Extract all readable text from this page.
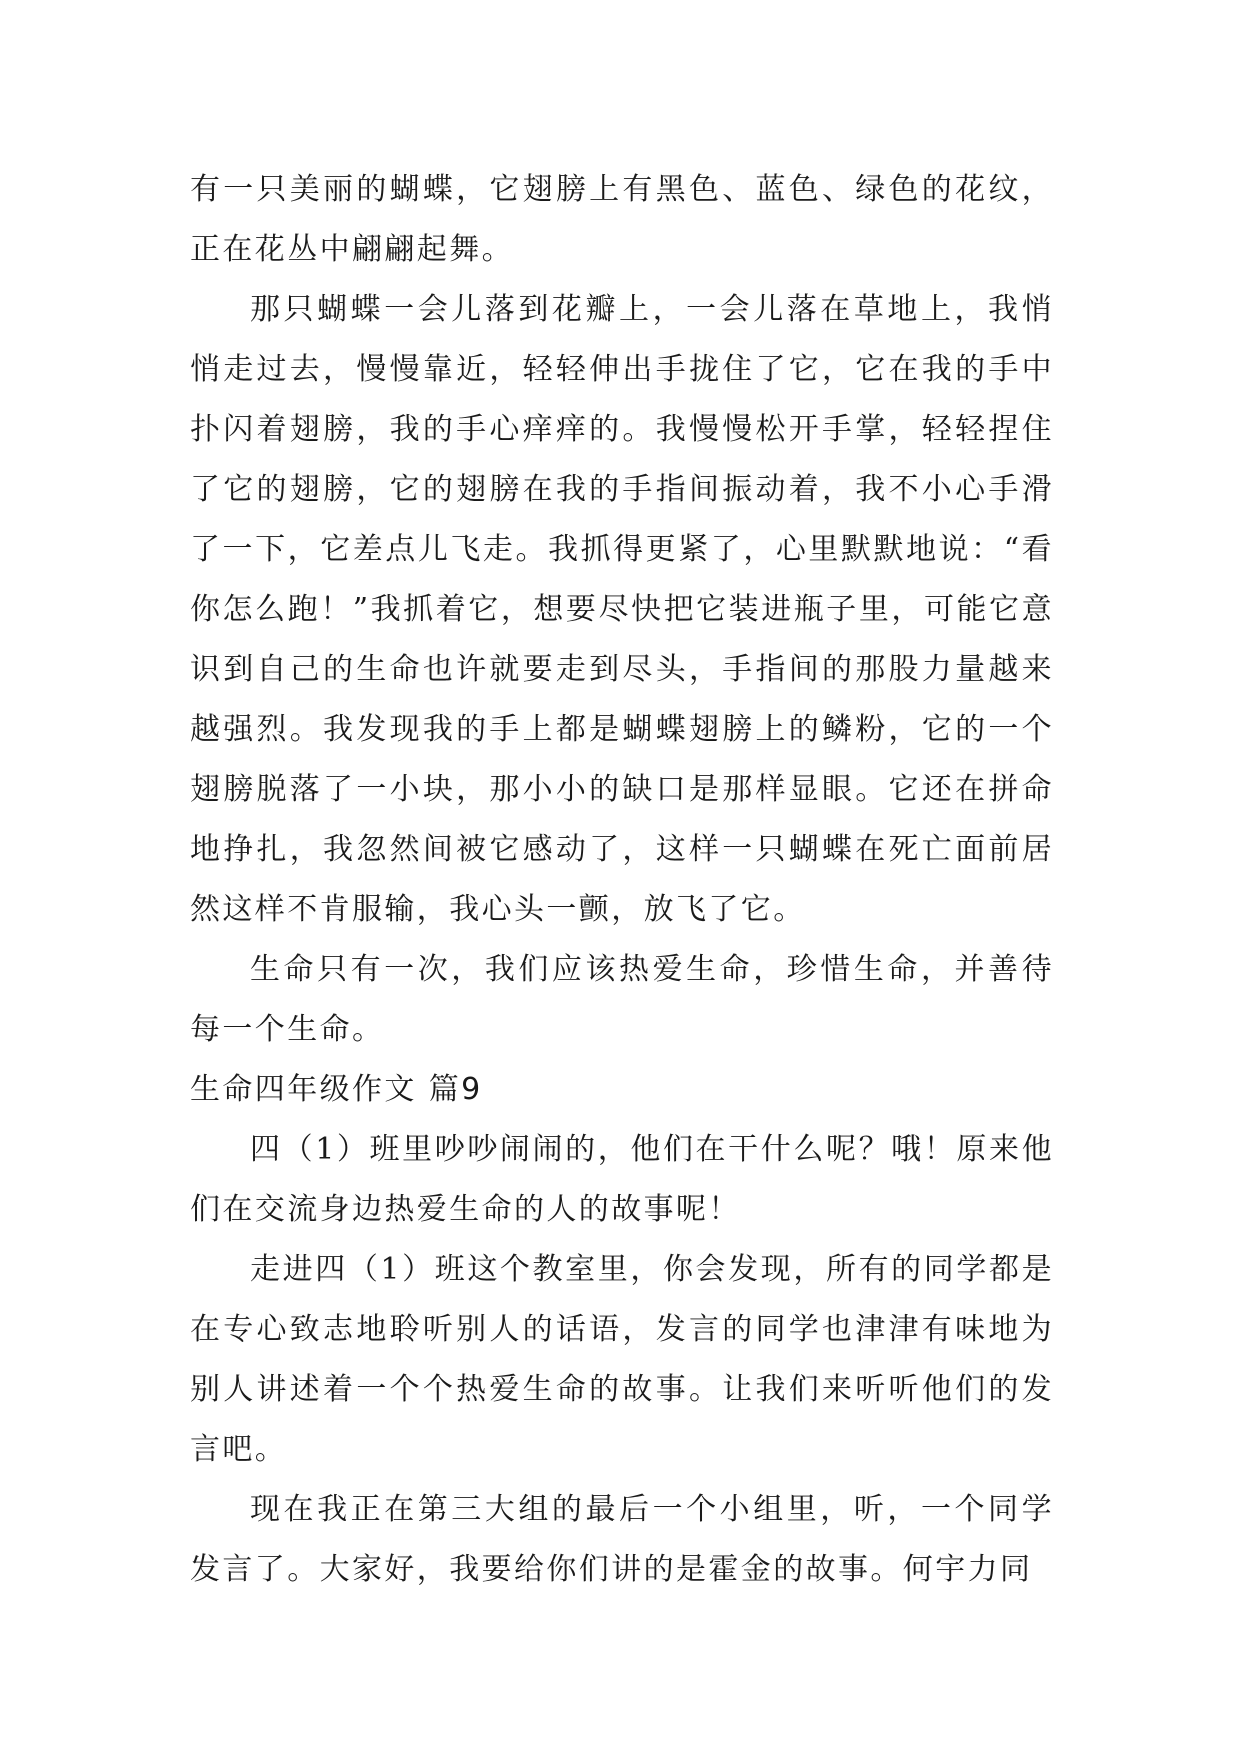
有一只美丽的蝴蝶，它翅膀上有黑色、蓝色、绿色的花纹，正在花丛中翩翩起舞。

那只蝴蝶一会儿落到花瓣上，一会儿落在草地上，我悄悄走过去，慢慢靠近，轻轻伸出手拢住了它，它在我的手中扑闪着翅膀，我的手心痒痒的。我慢慢松开手掌，轻轻捏住了它的翅膀，它的翅膀在我的手指间振动着，我不小心手滑了一下，它差点儿飞走。我抓得更紧了，心里默默地说：“看你怎么跑！”我抓着它，想要尽快把它装进瓶子里，可能它意识到自己的生命也许就要走到尽头，手指间的那股力量越来越强烈。我发现我的手上都是蝴蝶翅膀上的鳞粉，它的一个翅膀脱落了一小块，那小小的缺口是那样显眼。它还在拼命地挣扎，我忽然间被它感动了，这样一只蝴蝶在死亡面前居然这样不肯服输，我心头一颤，放飞了它。

生命只有一次，我们应该热爱生命，珍惜生命，并善待每一个生命。

生命四年级作文 篇9

四（1）班里吵吵闹闹的，他们在干什么呢？哦！原来他们在交流身边热爱生命的人的故事呢！

走进四（1）班这个教室里，你会发现，所有的同学都是在专心致志地聆听别人的话语，发言的同学也津津有味地为别人讲述着一个个热爱生命的故事。让我们来听听他们的发言吧。

现在我正在第三大组的最后一个小组里，听，一个同学发言了。大家好，我要给你们讲的是霍金的故事。何宇力同
